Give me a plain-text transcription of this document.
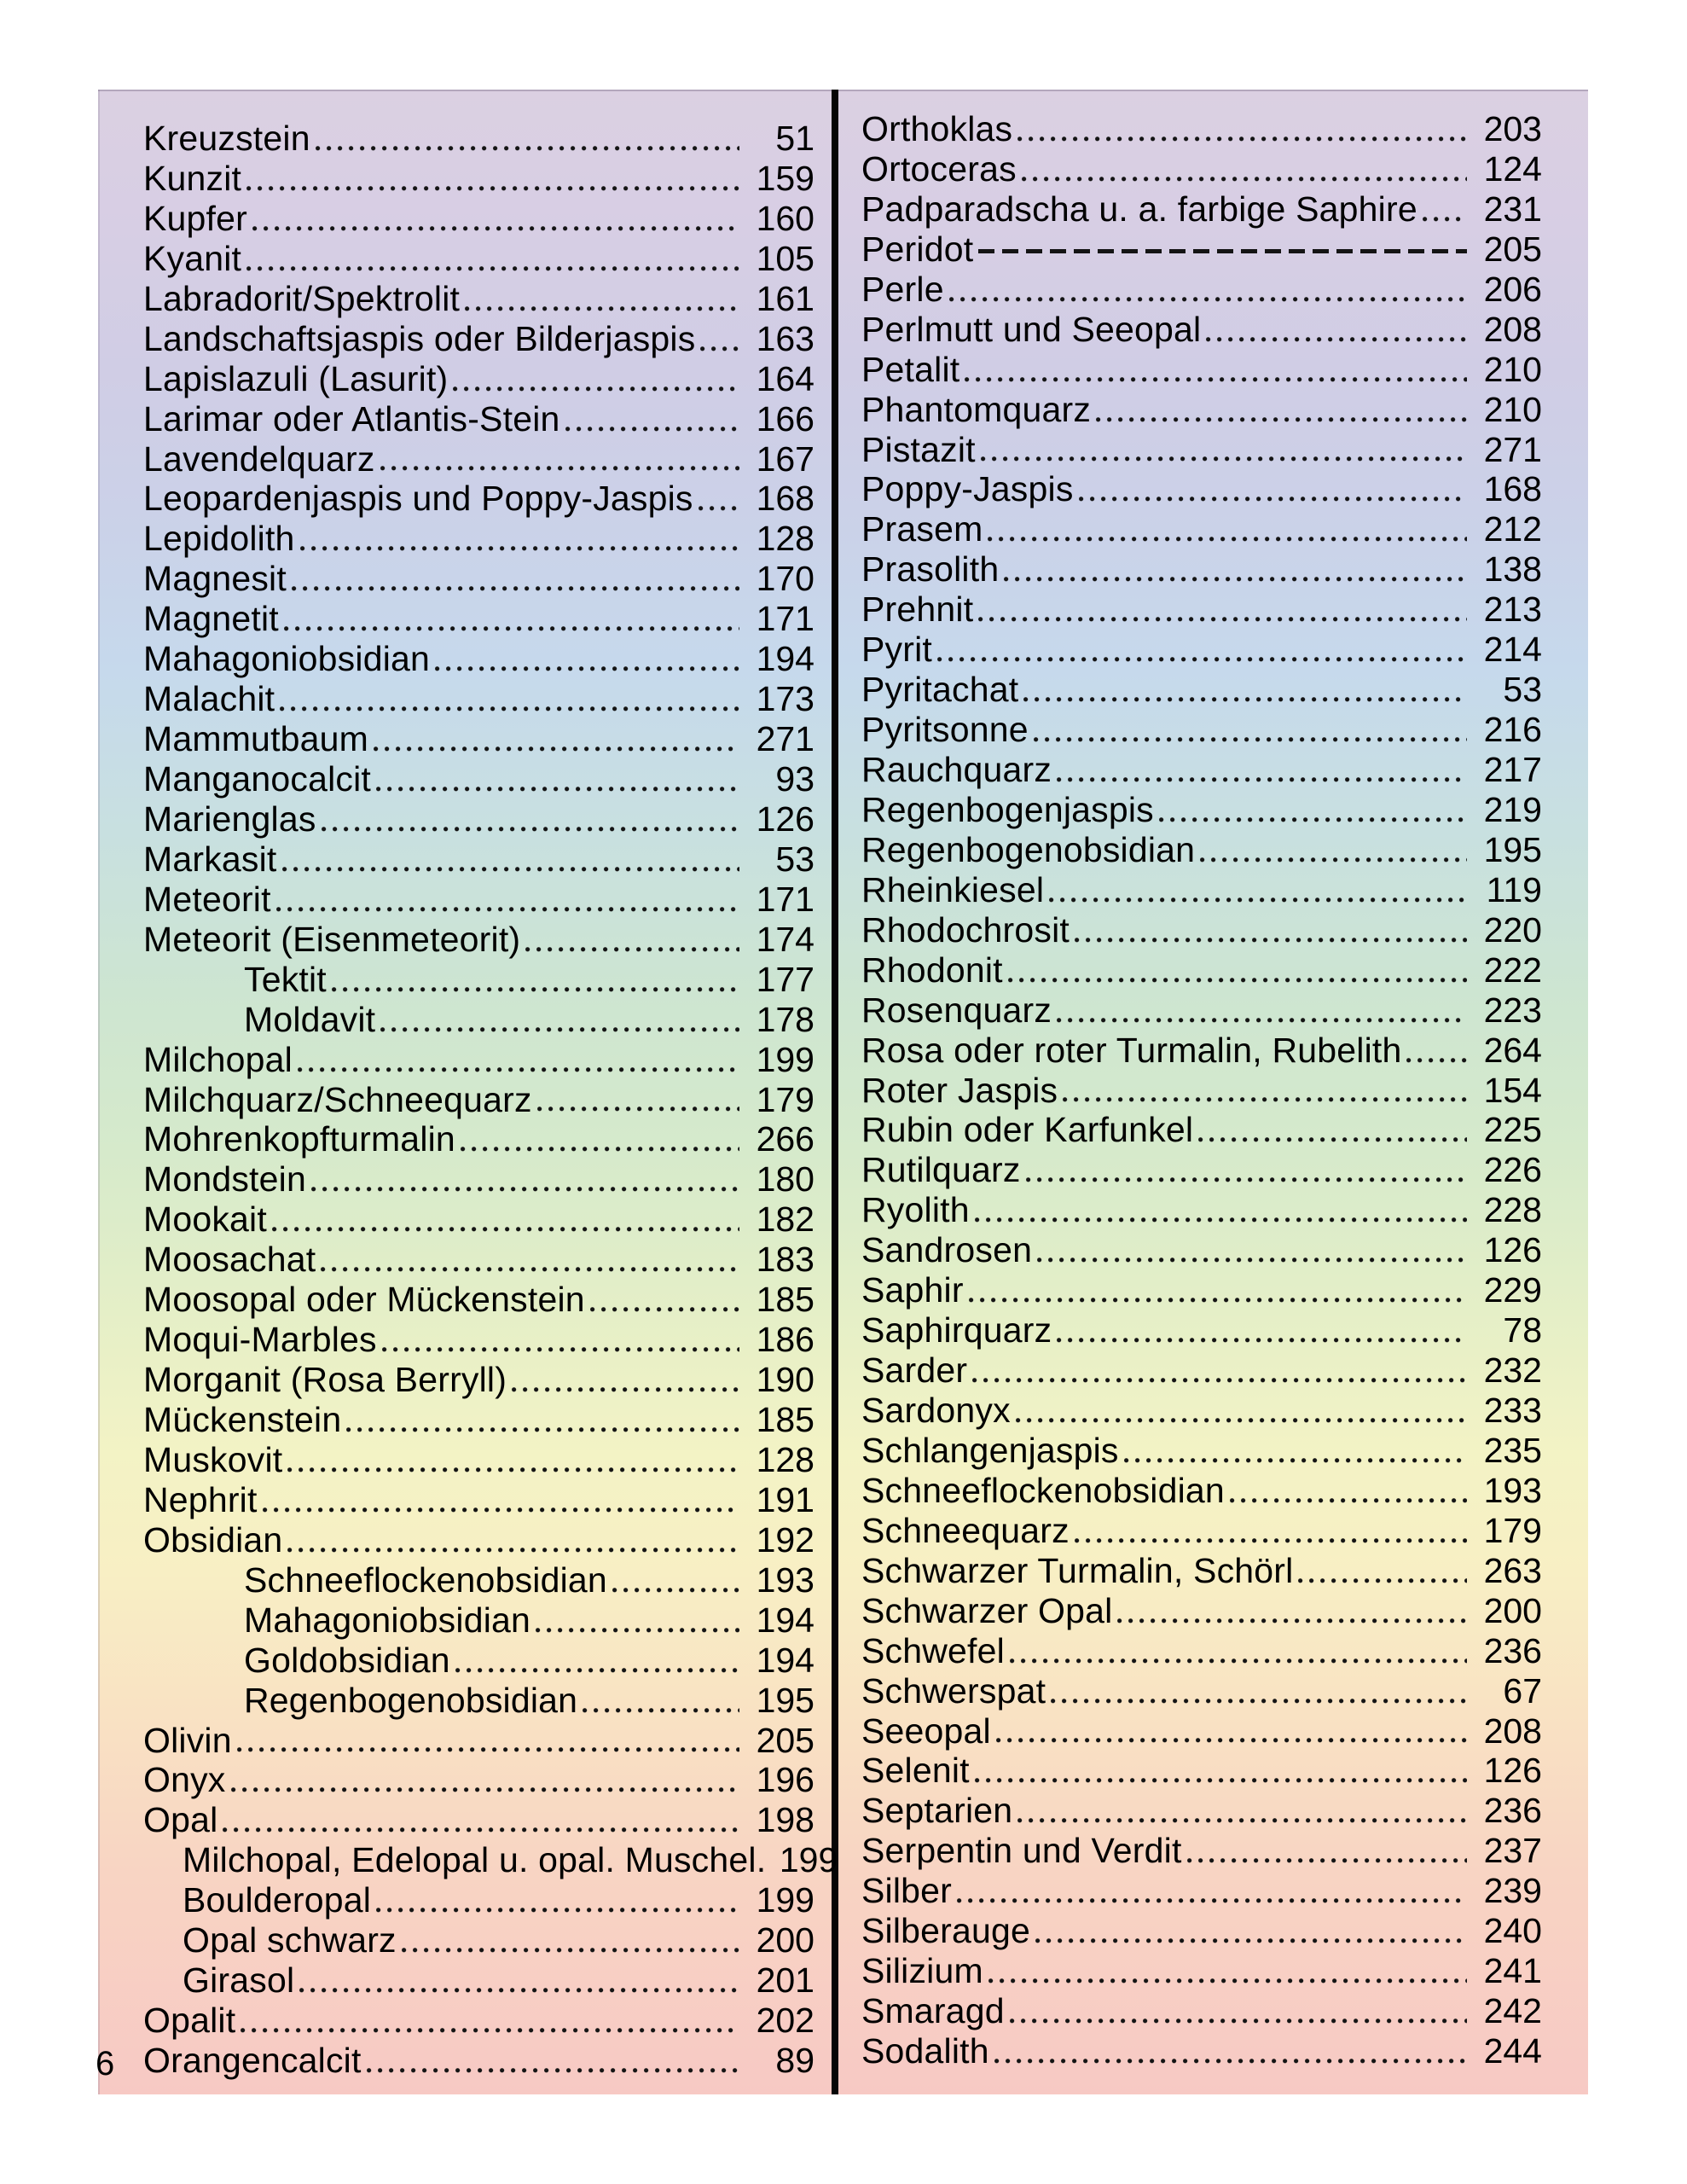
Kreuzstein	51
Kunzit	159
Kupfer	160
Kyanit	105
Labradorit/Spektrolit	161
Landschaftsjaspis oder Bilderjaspis	163
Lapislazuli (Lasurit)	164
Larimar oder Atlantis-Stein	166
Lavendelquarz	167
Leopardenjaspis und Poppy-Jaspis	168
Lepidolith	128
Magnesit	170
Magnetit	171
Mahagoniobsidian	194
Malachit	173
Mammutbaum	271
Manganocalcit	93
Marienglas	126
Markasit	53
Meteorit	171
Meteorit (Eisenmeteorit)	174
Tektit	177
Moldavit	178
Milchopal	199
Milchquarz/Schneequarz	179
Mohrenkopfturmalin	266
Mondstein	180
Mookait	182
Moosachat	183
Moosopal oder Mückenstein	185
Moqui-Marbles	186
Morganit (Rosa Berryll)	190
Mückenstein	185
Muskovit	128
Nephrit	191
Obsidian	192
Schneeflockenobsidian	193
Mahagoniobsidian	194
Goldobsidian	194
Regenbogenobsidian	195
Olivin	205
Onyx	196
Opal	198
Milchopal, Edelopal u. opal. Muschel. 199
Boulderopal	199
Opal schwarz	200
Girasol	201
Opalit	202
Orangencalcit	89
Orthoklas	203
Ortoceras	124
Padparadscha u. a. farbige Saphire	231
Peridot	205
Perle	206
Perlmutt und Seeopal	208
Petalit	210
Phantomquarz	210
Pistazit	271
Poppy-Jaspis	168
Prasem	212
Prasolith	138
Prehnit	213
Pyrit	214
Pyritachat	53
Pyritsonne	216
Rauchquarz	217
Regenbogenjaspis	219
Regenbogenobsidian	195
Rheinkiesel	119
Rhodochrosit	220
Rhodonit	222
Rosenquarz	223
Rosa oder roter Turmalin, Rubelith	264
Roter Jaspis	154
Rubin oder Karfunkel	225
Rutilquarz	226
Ryolith	228
Sandrosen	126
Saphir	229
Saphirquarz	78
Sarder	232
Sardonyx	233
Schlangenjaspis	235
Schneeflockenobsidian	193
Schneequarz	179
Schwarzer Turmalin, Schörl	263
Schwarzer Opal	200
Schwefel	236
Schwerspat	67
Seeopal	208
Selenit	126
Septarien	236
Serpentin und Verdit	237
Silber	239
Silberauge	240
Silizium	241
Smaragd	242
Sodalith	244
6
